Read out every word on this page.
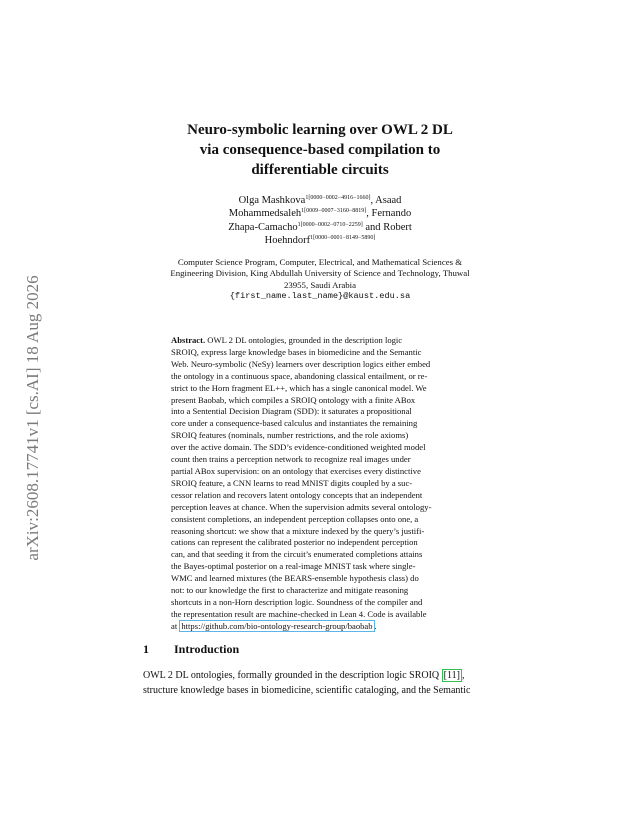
arXiv:2608.17741v1 [cs.AI] 18 Aug 2026
Neuro-symbolic learning over OWL 2 DL
via consequence-based compilation to
differentiable circuits
Olga Mashkova$^{1[0000-0002-4916-1660]}$, Asaad
Mohammedsaleh$^{1[0009-0007-3160-8819]}$, Fernando
Zhapa-Camacho$^{1[0000-0002-0710-2259]}$ and Robert
Hoehndorf$^{1[0000-0001-8149-5890]}$
Computer Science Program, Computer, Electrical, and Mathematical Sciences &
Engineering Division, King Abdullah University of Science and Technology, Thuwal
23955, Saudi Arabia
{first_name.last_name}@kaust.edu.sa
Abstract. OWL 2 DL ontologies, grounded in the description logic
SROIQ, express large knowledge bases in biomedicine and the Semantic
Web. Neuro-symbolic (NeSy) learners over description logics either embed
the ontology in a continuous space, abandoning classical entailment, or re-
strict to the Horn fragment EL++, which has a single canonical model. We
present Baobab, which compiles a SROIQ ontology with a finite ABox
into a Sentential Decision Diagram (SDD): it saturates a propositional
core under a consequence-based calculus and instantiates the remaining
SROIQ features (nominals, number restrictions, and the role axioms)
over the active domain. The SDD’s evidence-conditioned weighted model
count then trains a perception network to recognize real images under
partial ABox supervision: on an ontology that exercises every distinctive
SROIQ feature, a CNN learns to read MNIST digits coupled by a suc-
cessor relation and recovers latent ontology concepts that an independent
perception leaves at chance. When the supervision admits several ontology-
consistent completions, an independent perception collapses onto one, a
reasoning shortcut: we show that a mixture indexed by the query’s justifi-
cations can represent the calibrated posterior no independent perception
can, and that seeding it from the circuit’s enumerated completions attains
the Bayes-optimal posterior on a real-image MNIST task where single-
WMC and learned mixtures (the BEARS-ensemble hypothesis class) do
not: to our knowledge the first to characterize and mitigate reasoning
shortcuts in a non-Horn description logic. Soundness of the compiler and
the representation result are machine-checked in Lean 4. Code is available
at https://github.com/bio-ontology-research-group/baobab .
1 Introduction
OWL 2 DL ontologies, formally grounded in the description logic SROIQ [11] ,
structure knowledge bases in biomedicine, scientific cataloging, and the Semantic
